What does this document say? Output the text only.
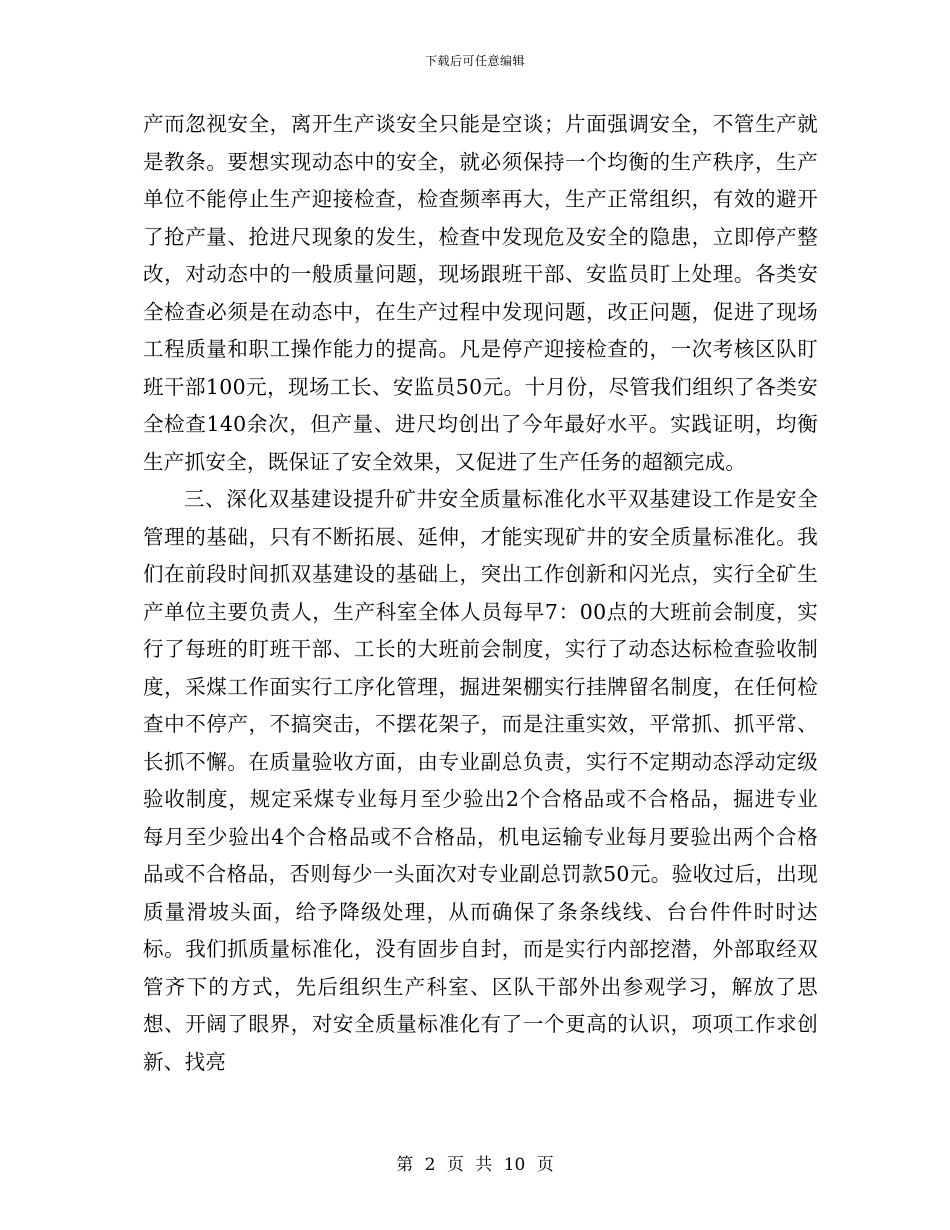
下载后可任意编辑

产而忽视安全，离开生产谈安全只能是空谈；片面强调安全，不管生产就是教条。要想实现动态中的安全，就必须保持一个均衡的生产秩序，生产单位不能停止生产迎接检查，检查频率再大，生产正常组织，有效的避开了抢产量、抢进尺现象的发生，检查中发现危及安全的隐患，立即停产整改，对动态中的一般质量问题，现场跟班干部、安监员盯上处理。各类安全检查必须是在动态中，在生产过程中发现问题，改正问题，促进了现场工程质量和职工操作能力的提高。凡是停产迎接检查的，一次考核区队盯班干部100元，现场工长、安监员50元。十月份，尽管我们组织了各类安全检查140余次，但产量、进尺均创出了今年最好水平。实践证明，均衡生产抓安全，既保证了安全效果，又促进了生产任务的超额完成。

三、深化双基建设提升矿井安全质量标准化水平双基建设工作是安全管理的基础，只有不断拓展、延伸，才能实现矿井的安全质量标准化。我们在前段时间抓双基建设的基础上，突出工作创新和闪光点，实行全矿生产单位主要负责人，生产科室全体人员每早7：00点的大班前会制度，实行了每班的盯班干部、工长的大班前会制度，实行了动态达标检查验收制度，采煤工作面实行工序化管理，掘进架棚实行挂牌留名制度，在任何检查中不停产，不搞突击，不摆花架子，而是注重实效，平常抓、抓平常、长抓不懈。在质量验收方面，由专业副总负责，实行不定期动态浮动定级验收制度，规定采煤专业每月至少验出2个合格品或不合格品，掘进专业每月至少验出4个合格品或不合格品，机电运输专业每月要验出两个合格品或不合格品，否则每少一头面次对专业副总罚款50元。验收过后，出现质量滑坡头面，给予降级处理，从而确保了条条线线、台台件件时时达标。我们抓质量标准化，没有固步自封，而是实行内部挖潜，外部取经双管齐下的方式，先后组织生产科室、区队干部外出参观学习，解放了思想、开阔了眼界，对安全质量标准化有了一个更高的认识，项项工作求创新、找亮

第 2 页 共 10 页
